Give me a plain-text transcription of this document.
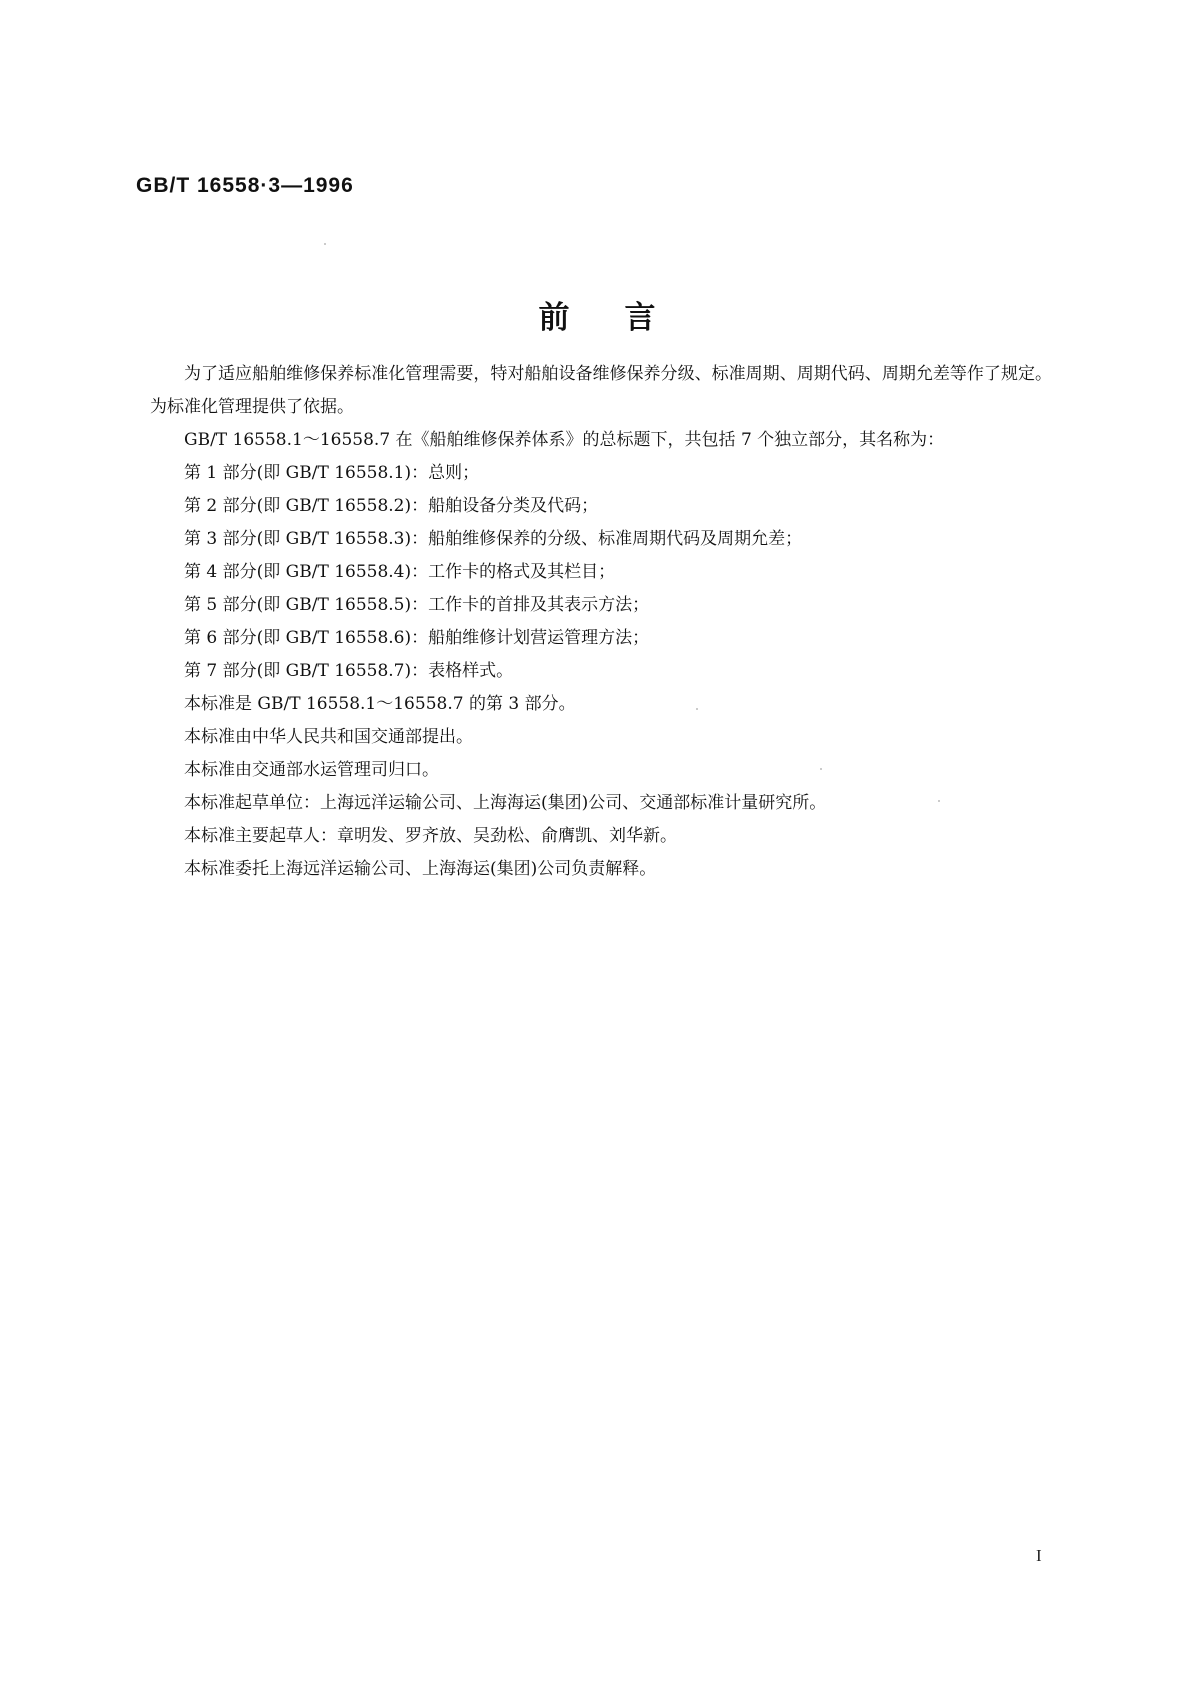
GB/T 16558·3—1996
前言

为了适应船舶维修保养标准化管理需要，特对船舶设备维修保养分级、标准周期、周期代码、周期允差等作了规定。为标准化管理提供了依据。

GB/T 16558.1～16558.7 在《船舶维修保养体系》的总标题下，共包括 7 个独立部分，其名称为：

第 1 部分(即 GB/T 16558.1)：总则；

第 2 部分(即 GB/T 16558.2)：船舶设备分类及代码；

第 3 部分(即 GB/T 16558.3)：船舶维修保养的分级、标准周期代码及周期允差；

第 4 部分(即 GB/T 16558.4)：工作卡的格式及其栏目；

第 5 部分(即 GB/T 16558.5)：工作卡的首排及其表示方法；

第 6 部分(即 GB/T 16558.6)：船舶维修计划营运管理方法；

第 7 部分(即 GB/T 16558.7)：表格样式。

本标准是 GB/T 16558.1～16558.7 的第 3 部分。

本标准由中华人民共和国交通部提出。

本标准由交通部水运管理司归口。

本标准起草单位：上海远洋运输公司、上海海运(集团)公司、交通部标准计量研究所。

本标准主要起草人：章明发、罗齐放、吴劲松、俞膺凯、刘华新。

本标准委托上海远洋运输公司、上海海运(集团)公司负责解释。

I
